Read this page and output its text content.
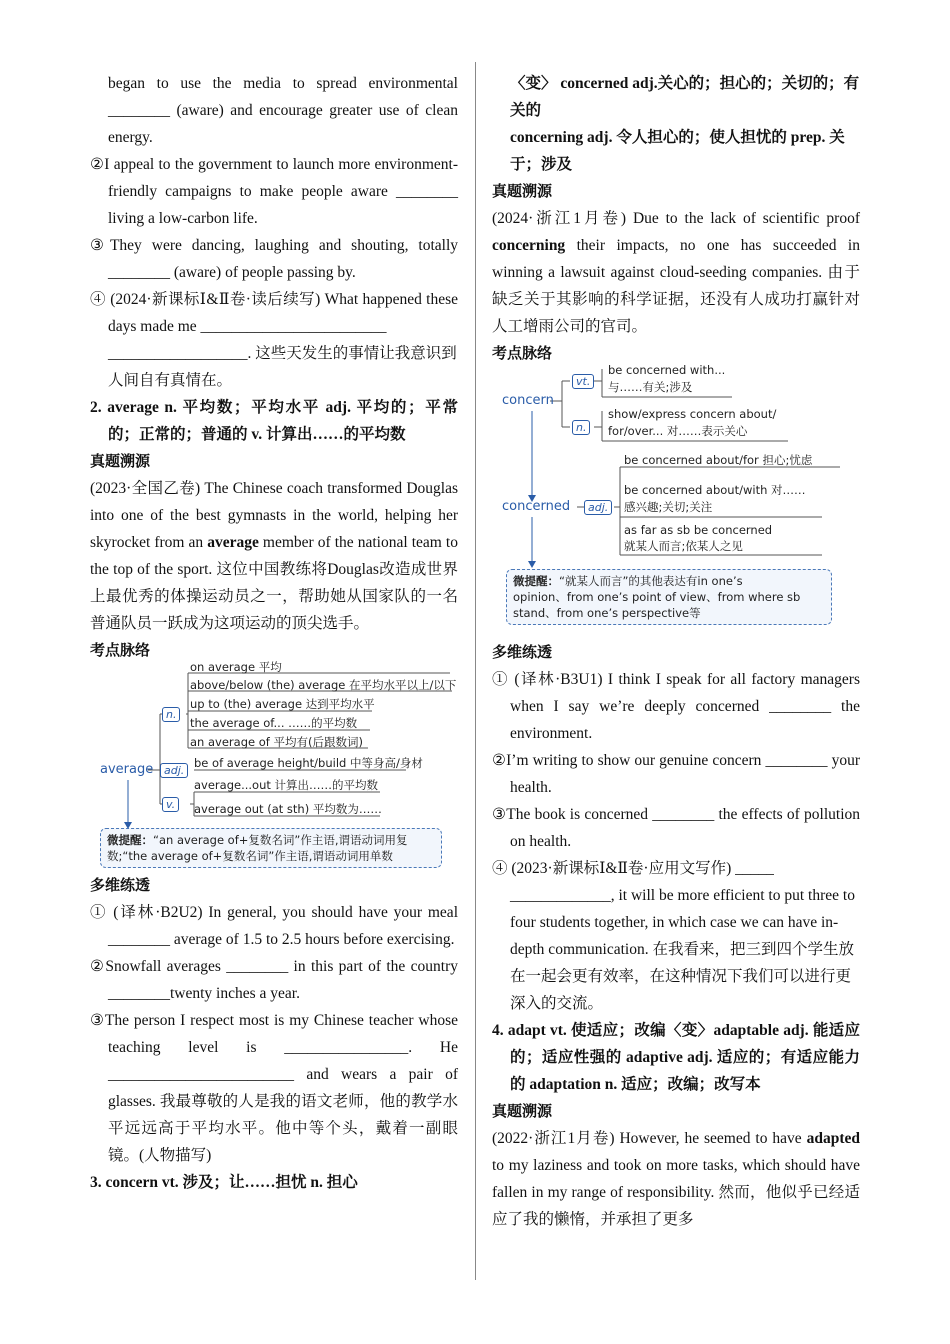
began to use the media to spread environmental ________ (aware) and encourage greater use of clean energy.

②I appeal to the government to launch more environment-friendly campaigns to make people aware ________ living a low-carbon life.

③They were dancing, laughing and shouting, totally ________ (aware) of people passing by.

④ (2024·新课标Ⅰ&Ⅱ卷·读后续写) What happened these days made me ________________________

__________________. 这些天发生的事情让我意识到人间自有真情在。

2. average n. 平均数；平均水平 adj. 平均的；平常的；正常的；普通的 v. 计算出……的平均数

真题溯源

(2023·全国乙卷) The Chinese coach transformed Douglas into one of the best gymnasts in the world, helping her skyrocket from an average member of the national team to the top of the sport. 这位中国教练将Douglas改造成世界上最优秀的体操运动员之一，帮助她从国家队的一名普通队员一跃成为这项运动的顶尖选手。

考点脉络

average
n.
adj.
v.
on average 平均
above/below (the) average 在平均水平以上/以下
up to (the) average 达到平均水平
the average of... ……的平均数
an average of 平均有(后跟数词)
be of average height/build 中等身高/身材
average...out 计算出……的平均数
average out (at sth) 平均数为……
微提醒：“an average of+复数名词”作主语,谓语动词用复
数;“the average of+复数名词”作主语,谓语动词用单数

多维练透

① (译林·B2U2) In general, you should have your meal ________ average of 1.5 to 2.5 hours before exercising.

②Snowfall averages ________ in this part of the country ________twenty inches a year.

③The person I respect most is my Chinese teacher whose teaching level is ________________. He ________________________ and wears a pair of glasses. 我最尊敬的人是我的语文老师，他的教学水平远远高于平均水平。他中等个头，戴着一副眼镜。(人物描写)

3. concern vt. 涉及；让……担忧 n. 担心

〈变〉 concerned adj.关心的；担心的；关切的；有关的

concerning adj. 令人担心的；使人担忧的 prep. 关于；涉及

真题溯源

(2024·浙江1月卷) Due to the lack of scientific proof concerning their impacts, no one has succeeded in winning a lawsuit against cloud-seeding companies. 由于缺乏关于其影响的科学证据，还没有人成功打赢针对人工增雨公司的官司。

考点脉络

concern
concerned
vt.
n.
adj.
be concerned with...
与……有关;涉及
show/express concern about/
for/over... 对……表示关心
be concerned about/for 担心;忧虑
be concerned about/with 对……
感兴趣;关切;关注
as far as sb be concerned
就某人而言;依某人之见
微提醒：“就某人而言”的其他表达有in one’s
opinion、from one’s point of view、from where sb
stand、from one’s perspective等

多维练透

① (译林·B3U1) I think I speak for all factory managers when I say we’re deeply concerned ________ the environment.

②I’m writing to show our genuine concern ________ your health.

③The book is concerned ________ the effects of pollution on health.

④ (2023·新课标Ⅰ&Ⅱ卷·应用文写作) _____

_____________, it will be more efficient to put three to four students together, in which case we can have in-depth communication. 在我看来，把三到四个学生放在一起会更有效率，在这种情况下我们可以进行更深入的交流。

4. adapt vt. 使适应；改编〈变〉adaptable adj. 能适应的；适应性强的 adaptive adj. 适应的；有适应能力的 adaptation n. 适应；改编；改写本

真题溯源

(2022·浙江1月卷) However, he seemed to have adapted to my laziness and took on more tasks, which should have fallen in my range of responsibility. 然而，他似乎已经适应了我的懒惰，并承担了更多
